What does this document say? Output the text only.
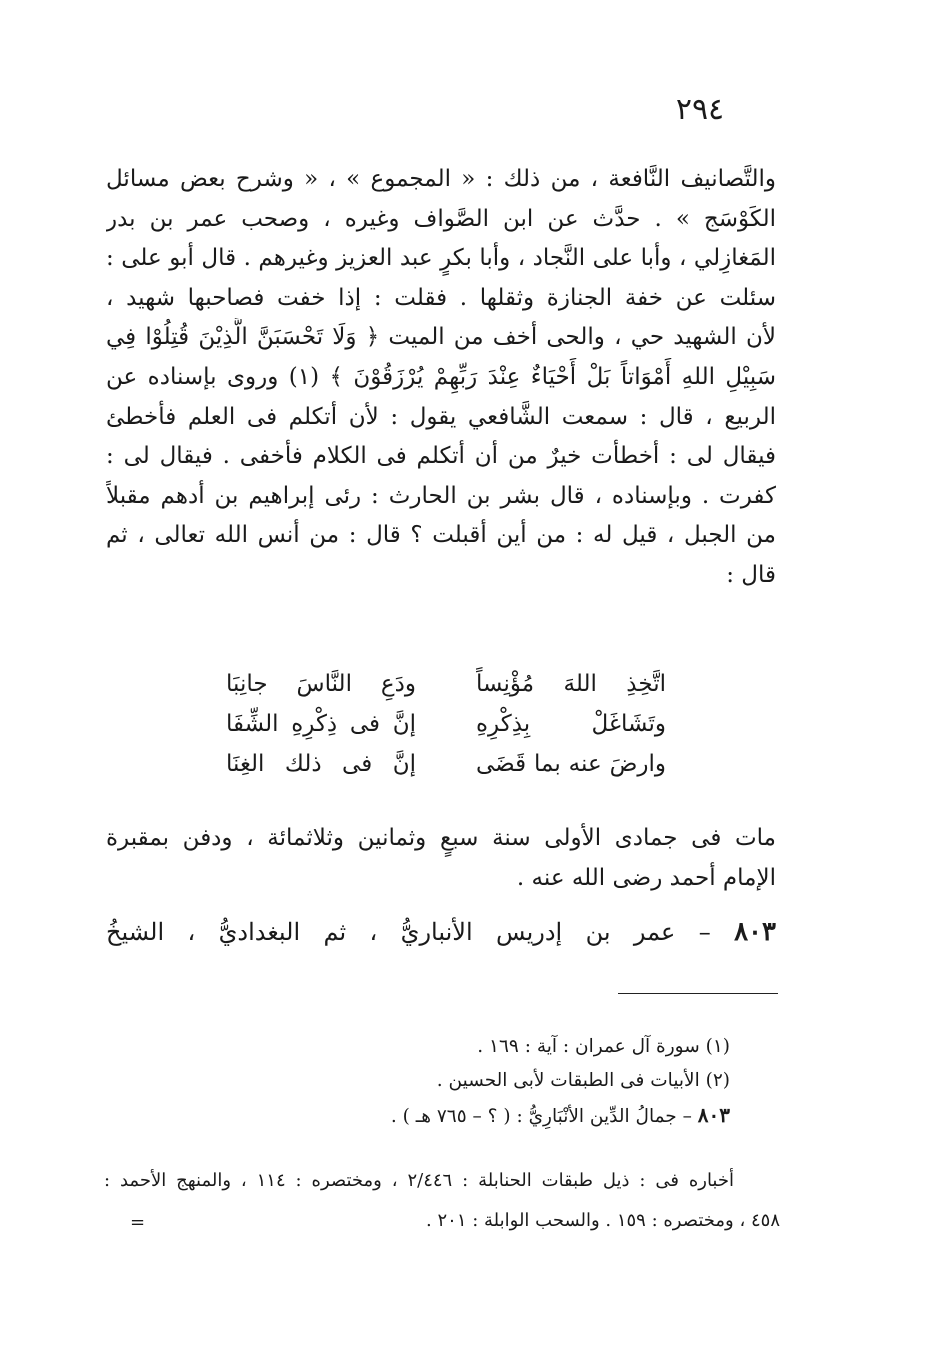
٢٩٤
والتَّصانيف النَّافعة ، من ذلك : « المجموع » ، « وشرح بعض مسائل
الكَوْسَج » . حدَّث عن ابن الصَّواف وغيره ، وصحب عمر بن بدر
المَغازِلي ، وأبا على النَّجاد ، وأبا بكرٍ عبد العزيز وغيرهم . قال أبو على :
سئلت عن خفة الجنازة وثقلها . فقلت : إذا خفت فصاحبها شهيد ،
لأن الشهيد حي ، والحى أخف من الميت ﴿ وَلَا تَحْسَبَنَّ الَّذِيْنَ قُتِلُوْا فِي
سَبِيْلِ اللهِ أَمْوَاتاً بَلْ أَحْيَاءٌ عِنْدَ رَبِّهِمْ يُرْزَقُوْنَ ﴾ (١) وروى بإسناده عن
الربيع ، قال : سمعت الشَّافعي يقول : لأن أتكلم فى العلم فأخطئ
فيقال لى : أخطأت خيرٌ من أن أتكلم فى الكلام فأخفى . فيقال لى :
كفرت . وبإسناده ، قال بشر بن الحارث : رئى إبراهيم بن أدهم مقبلاً
من الجبل ، قيل له : من أين أقبلت ؟ قال : من أنس الله تعالى ، ثم
قال :
اتَّخِذِ اللهَ مُؤْنِساً
ودَعِ النَّاسَ جانِبَا
وتَشَاغَلْ بِذِكْرِهِ
إنَّ فى ذِكْرِهِ الشِّفَا
وارضَ عنه بما قَضَى
إنَّ فى ذلك الغِنَا
مات فى جمادى الأولى سنة سبعٍ وثمانين وثلاثمائة ، ودفن بمقبرة
الإمام أحمد رضى الله عنه .
٨٠٣ – عمر بن إدريس الأنباريُّ ، ثم البغداديُّ ، الشيخُ
(١) سورة آل عمران : آية : ١٦٩ .
(٢) الأبيات فى الطبقات لأبى الحسين .
٨٠٣ – جمالُ الدِّين الأنْبَارِيُّ : ( ؟ – ٧٦٥ هـ ) .
أخباره فى : ذيل طبقات الحنابلة : ٢/٤٤٦ ، ومختصره : ١١٤ ، والمنهج الأحمد :
٤٥٨ ، ومختصره : ١٥٩ . والسحب الوابلة : ٢٠١ .
=
